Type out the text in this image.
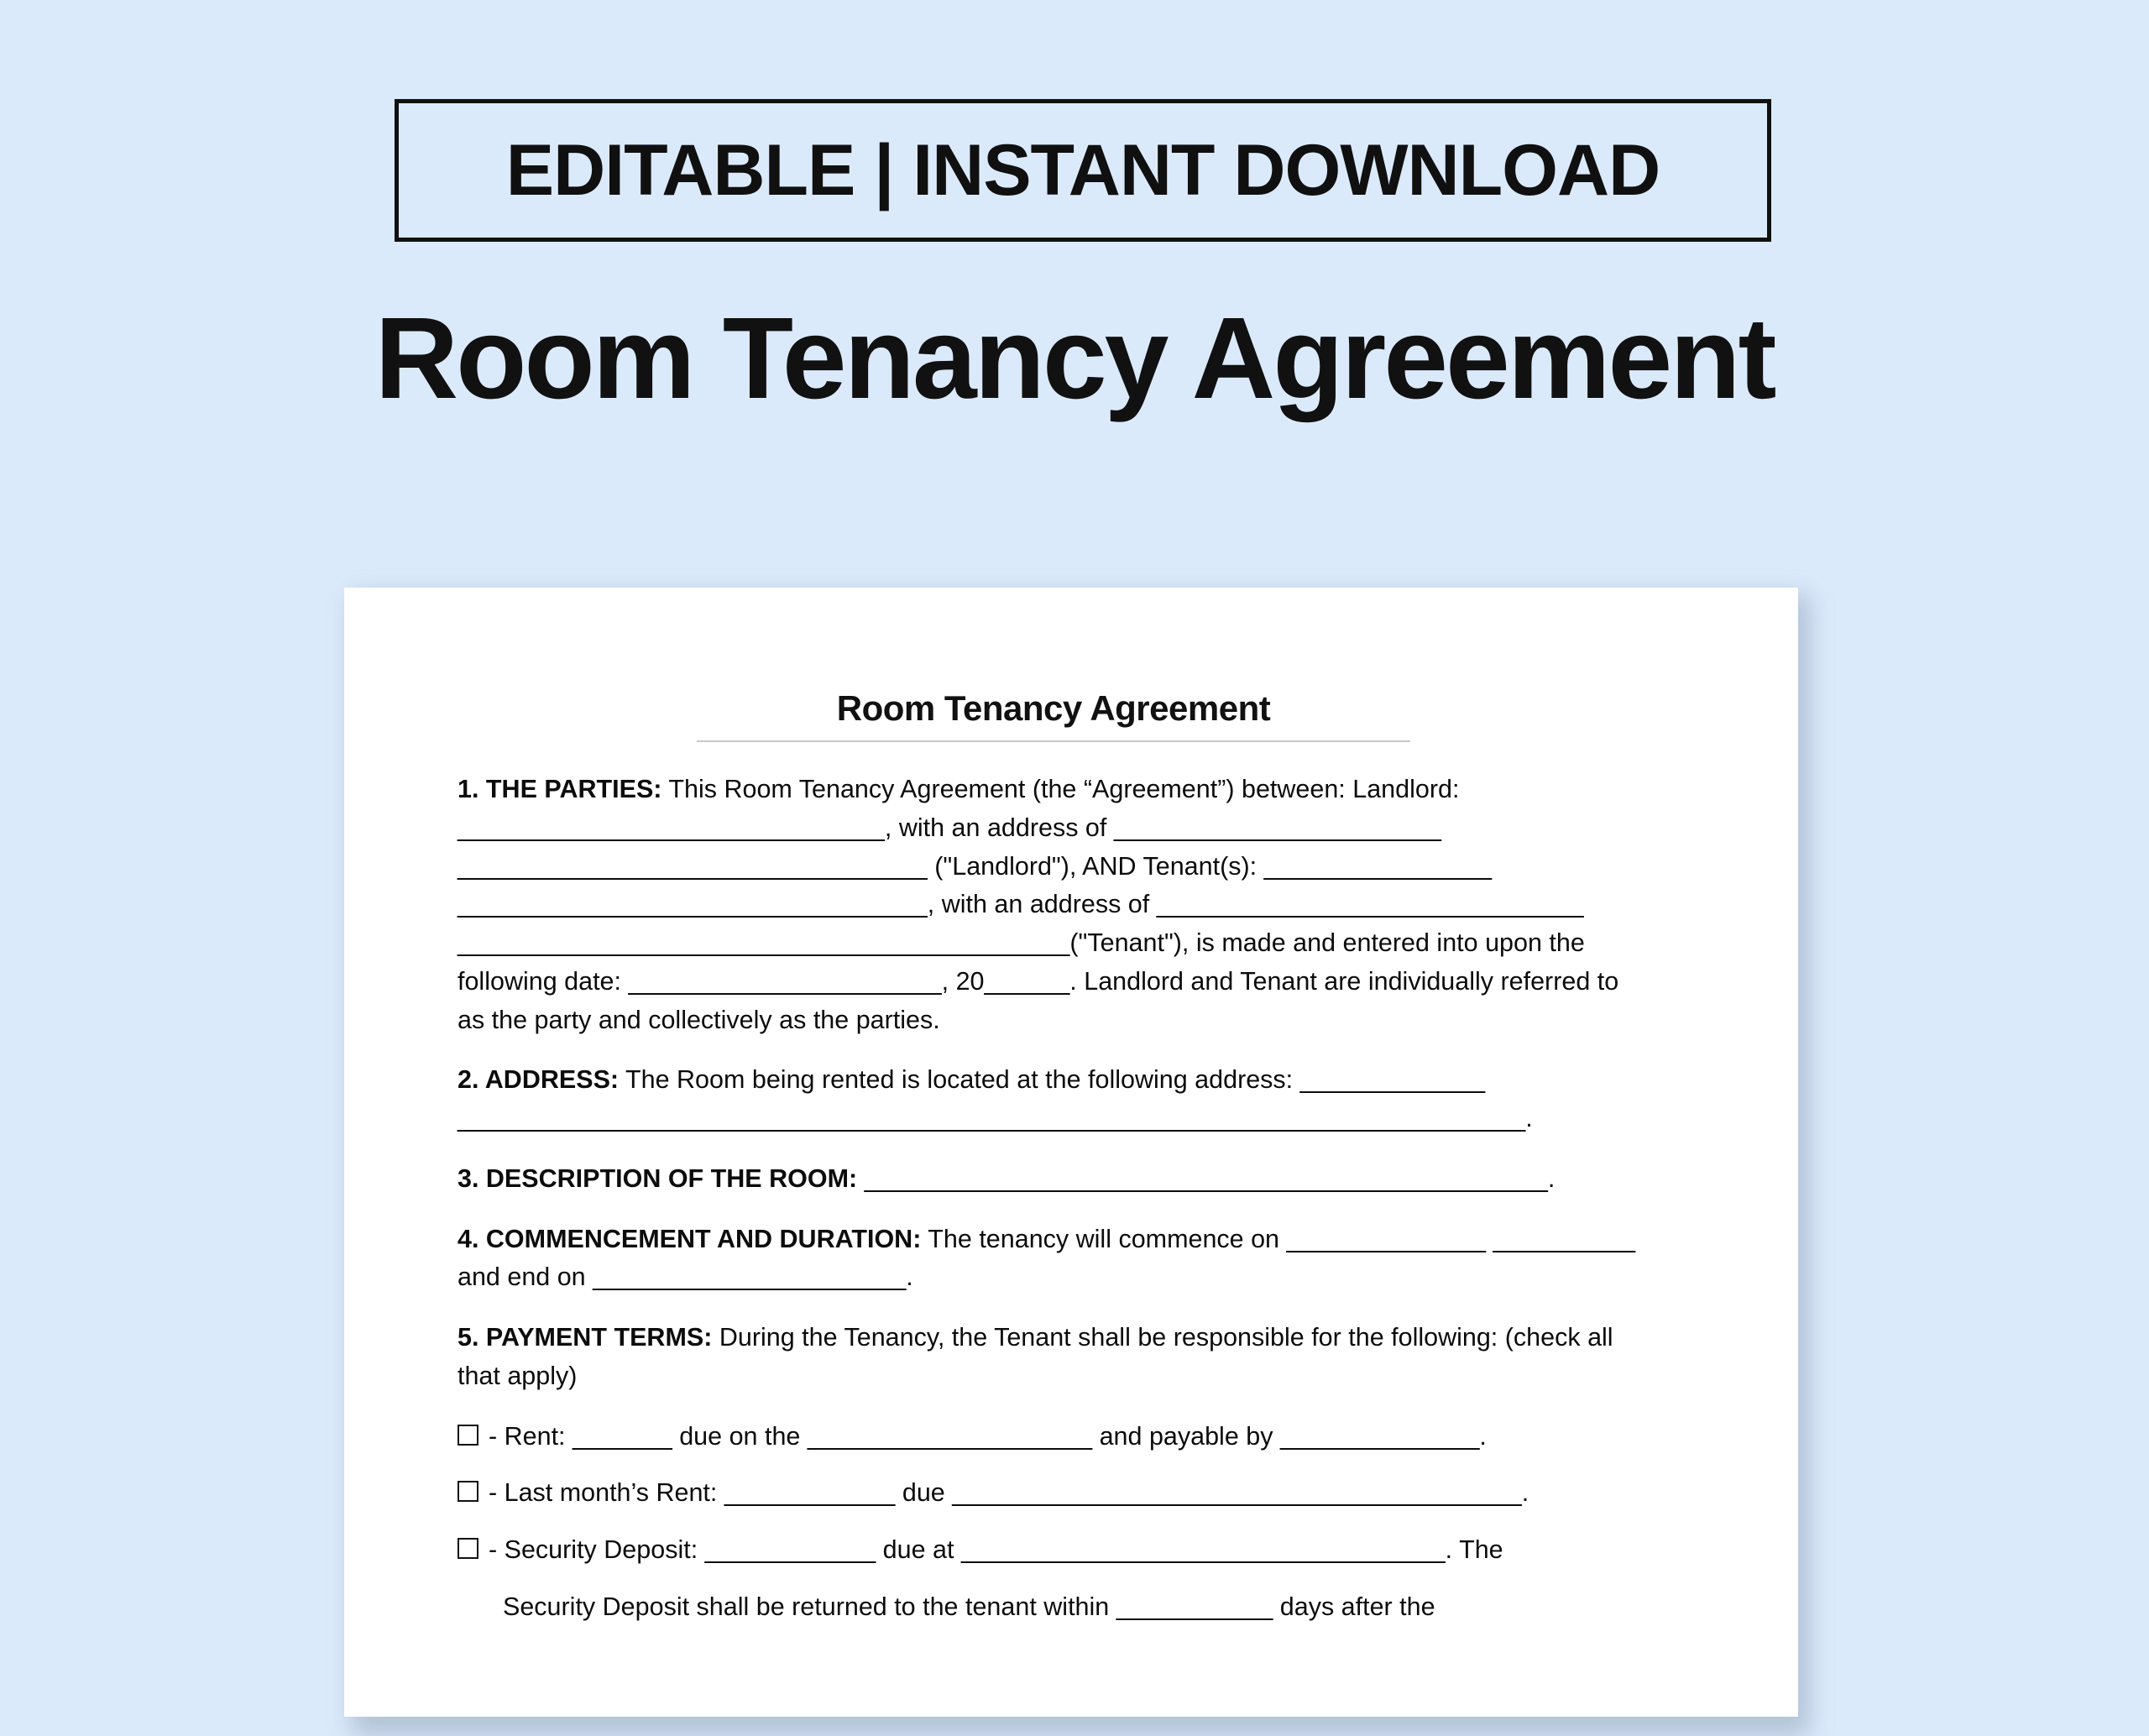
EDITABLE | INSTANT DOWNLOAD
Room Tenancy Agreement
Room Tenancy Agreement

1. THE PARTIES: This Room Tenancy Agreement (the “Agreement”) between: Landlord: ______________________________, with an address of _______________________ _________________________________ ("Landlord"), AND Tenant(s): ________________ _________________________________, with an address of ______________________________ ___________________________________________("Tenant"), is made and entered into upon the following date: ______________________, 20______. Landlord and Tenant are individually referred to as the party and collectively as the parties.

2. ADDRESS: The Room being rented is located at the following address: _____________ ___________________________________________________________________________.

3. DESCRIPTION OF THE ROOM: ________________________________________________.

4. COMMENCEMENT AND DURATION: The tenancy will commence on ______________ __________ and end on ______________________.

5. PAYMENT TERMS: During the Tenancy, the Tenant shall be responsible for the following: (check all that apply)

- Rent: _______ due on the ____________________ and payable by ______________.
- Last month’s Rent: ____________ due ________________________________________.
- Security Deposit: ____________ due at __________________________________. The
Security Deposit shall be returned to the tenant within ___________ days after the
